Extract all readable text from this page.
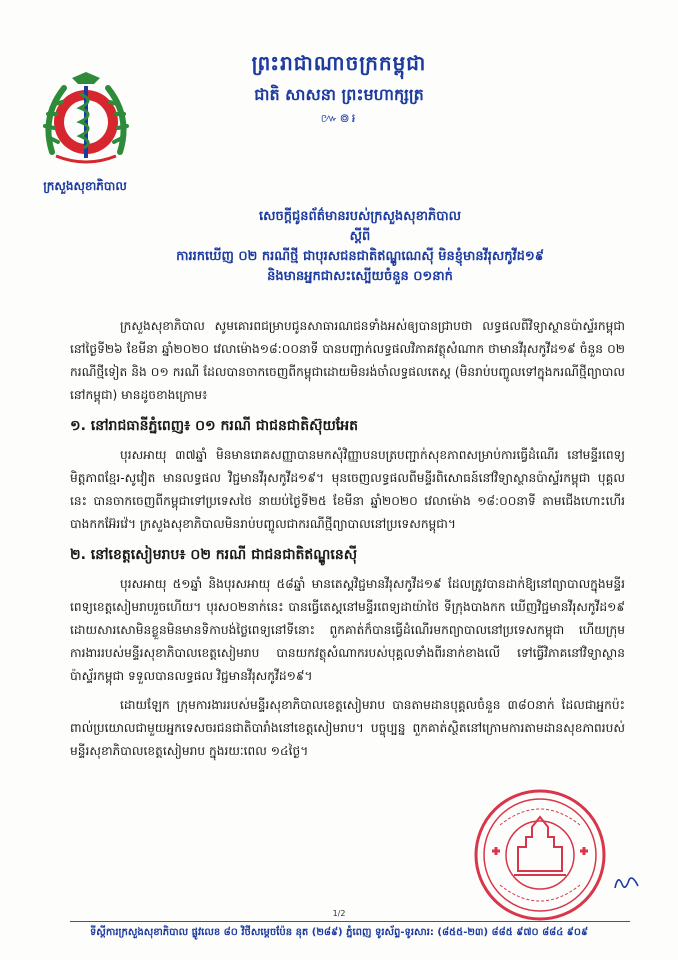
ព្រះរាជាណាចក្រកម្ពុជា
ជាតិ សាសនា ព្រះមហាក្សត្រ
៚៙៛
ក្រសួងសុខាភិបាល
សេចក្តីជូនព័ត៌មានរបស់ក្រសួងសុខាភិបាល
ស្តីពី
ការរកឃើញ ០២ ករណីថ្មី ជាបុរសជនជាតិឥណ្ឌូណេស៊ី មិនខ្ញុំមានវីរុសកូវីដ១៩
និងមានអ្នកជាសះស្បើយចំនួន ០១នាក់

ក្រសួងសុខាភិបាល សូមគោរពជម្រាបជូនសាធារណជនទាំងអស់ឲ្យបានជ្រាបថា លទ្ធផលពីវិទ្យាស្ថានប៉ាស្ទ័រកម្ពុជា នៅថ្ងៃទី២៦ ខែមីនា ឆ្នាំ២០២០ វេលាម៉ោង១៨:០០នាទី បានបញ្ជាក់លទ្ធផលវិភាគវត្ថុសំណាក ថាមានវីរុសកូវីដ១៩ ចំនួន ០២ ករណីថ្មីទៀត និង ០១ ករណី ដែលបានចាកចេញពីកម្ពុជាដោយមិនរង់ចាំលទ្ធផលតេស្ត (មិនរាប់បញ្ចូលទៅក្នុងករណីថ្មីព្យាបាលនៅកម្ពុជា) មានដូចខាងក្រោម៖

១. នៅរាជធានីភ្នំពេញ៖ ០១ ករណី ជាជនជាតិស៊ុយអែត

បុរសអាយុ ៣៧ឆ្នាំ មិនមានរោគសញ្ញាបានមកសុំវិញ្ញាបនបត្របញ្ជាក់សុខភាពសម្រាប់ការធ្វើដំណើរ នៅមន្ទីរពេទ្យមិត្តភាពខ្មែរ-សូវៀត មានលទ្ធផល វិជ្ជមានវីរុសកូវីដ១៩។ មុនចេញលទ្ធផលពីមន្ទីរពិសោធន៍នៅវិទ្យាស្ថានប៉ាស្ទ័រកម្ពុជា បុគ្គលនេះ បានចាកចេញពីកម្ពុជាទៅប្រទេសថៃ នាយប់ថ្ងៃទី២៥ ខែមីនា ឆ្នាំ២០២០ វេលាម៉ោង ១៨:០០នាទី តាមជើងហោះហើរបាងកកអ៊ែរវ៉េ។ ក្រសួងសុខាភិបាលមិនរាប់បញ្ចូលជាករណីថ្មីព្យាបាលនៅប្រទេសកម្ពុជា។

២. នៅខេត្តសៀមរាប៖ ០២ ករណី ជាជនជាតិឥណ្ឌូនេស៊ី

បុរសអាយុ ៥១ឆ្នាំ និងបុរសអាយុ ៥៨ឆ្នាំ មានតេស្តវិជ្ជមានវីរុសកូវីដ១៩ ដែលត្រូវបានដាក់ឱ្យនៅព្យាបាលក្នុងមន្ទីរពេទ្យខេត្តសៀមរាបរួចហើយ។ បុរស០២នាក់នេះ បានធ្វើតេស្តនៅមន្ទីរពេទ្យដាយ៉ាថៃ ទីក្រុងបាងកក ឃើញវិជ្ជមានវីរុសកូវីដ១៩ ដោយសារសោមិនខ្លួនមិនមានទិកាបង់ថ្លៃពេទ្យនៅទីនោះ ពួកគាត់ក៏បានធ្វើដំណើរមកព្យាបាលនៅប្រទេសកម្ពុជា ហើយក្រុមការងាររបស់មន្ទីរសុខាភិបាលខេត្តសៀមរាប បានយកវត្ថុសំណាករបស់បុគ្គលទាំងពីរនាក់ខាងលើ ទៅធ្វើវិភាគនៅវិទ្យាស្ថានប៉ាស្ទ័រកម្ពុជា ទទួលបានលទ្ធផល វិជ្ជមានវីរុសកូវីដ១៩។

ដោយឡែក ក្រុមការងាររបស់មន្ទីរសុខាភិបាលខេត្តសៀមរាប បានតាមដានបុគ្គលចំនួន ៣៨០នាក់ ដែលជាអ្នកប៉ះពាល់ប្រយោលជាមួយអ្នកទេសចរជនជាតិបារាំងនៅខេត្តសៀមរាប។ បច្ចុប្បន្ន ពួកគាត់ស្ថិតនៅក្រោមការតាមដានសុខភាពរបស់មន្ទីរសុខាភិបាលខេត្តសៀមរាប ក្នុងរយៈពេល ១៤ថ្ងៃ។

1/2
ទីស្តីការក្រសួងសុខាភិបាល ផ្លូវលេខ ៨០ វិថីសម្តេចប៉ែន នុត (២៨៩) ភ្នំពេញ ទូរស័ព្ទ-ទូរសារ: (៨៥៥-២៣) ៨៨៥ ៩៧០ ៨៨៤ ៩០៩
